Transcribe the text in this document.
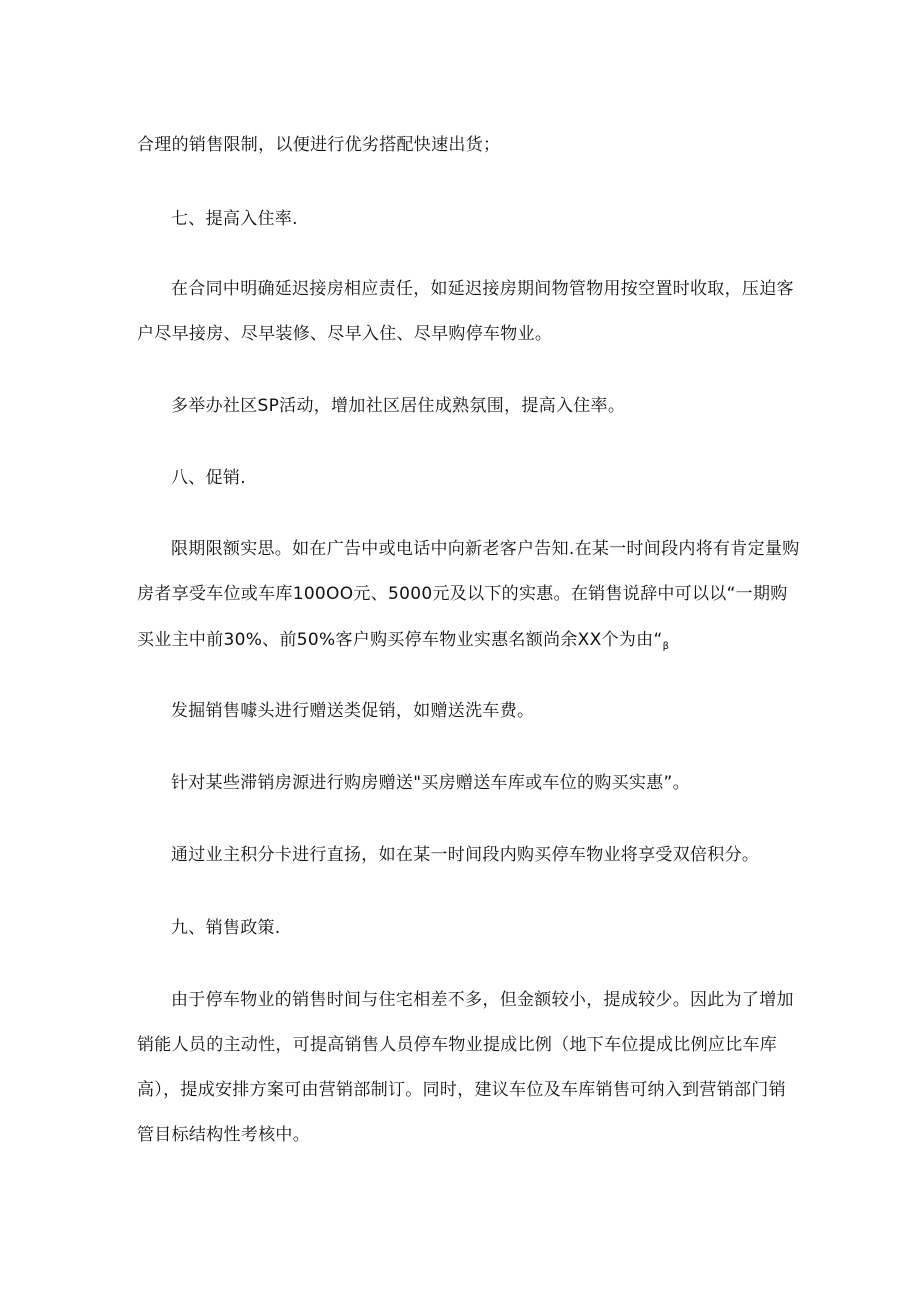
合理的销售限制，以便进行优劣搭配快速出货；
七、提高入住率.
在合同中明确延迟接房相应责任，如延迟接房期间物管物用按空置时收取，压迫客
户尽早接房、尽早装修、尽早入住、尽早购停车物业。
多举办社区SP活动，增加社区居住成熟氛围，提高入住率。
八、促销.
限期限额实思。如在广告中或电话中向新老客户告知.在某一时间段内将有肯定量购
房者享受车位或车库100OO元、5000元及以下的实惠。在销售说辞中可以以“一期购
买业主中前30%、前50%客户购买停车物业实惠名额尚余XX个为由“$_\beta$
发掘销售噱头进行赠送类促销，如赠送洗车费。
针对某些滞销房源进行购房赠送"买房赠送车库或车位的购买实惠”。
通过业主积分卡进行直扬，如在某一时间段内购买停车物业将享受双倍积分。
九、销售政策.
由于停车物业的销售时间与住宅相差不多，但金额较小，提成较少。因此为了增加
销能人员的主动性，可提高销售人员停车物业提成比例（地下车位提成比例应比车库
高），提成安排方案可由营销部制订。同时，建议车位及车库销售可纳入到营销部门销
管目标结构性考核中。
